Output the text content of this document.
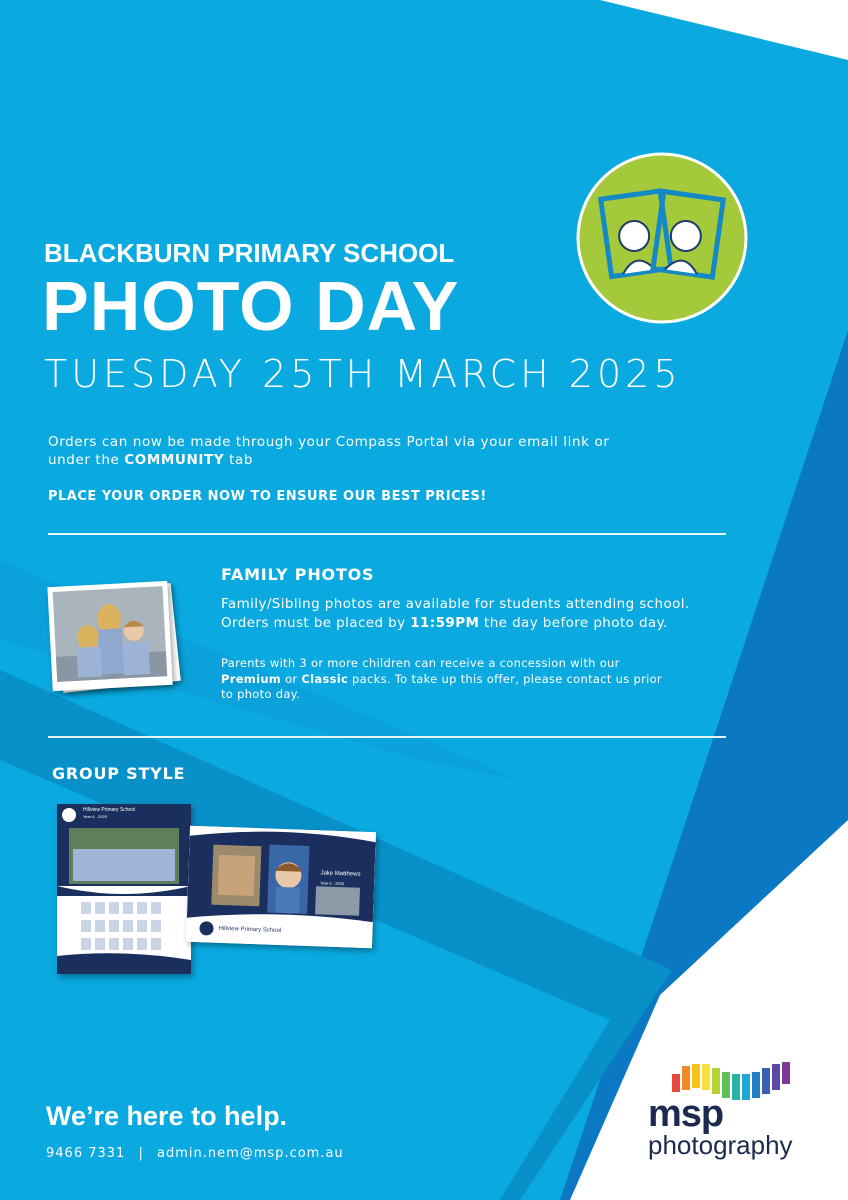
BLACKBURN PRIMARY SCHOOL
PHOTO DAY
TUESDAY 25TH MARCH 2025
Orders can now be made through your Compass Portal via your email link or
under the COMMUNITY tab
PLACE YOUR ORDER NOW TO ENSURE OUR BEST PRICES!
FAMILY PHOTOS
Family/Sibling photos are available for students attending school.
Orders must be placed by 11:59PM the day before photo day.
Parents with 3 or more children can receive a concession with our
Premium or Classic packs. To take up this offer, please contact us prior
to photo day.
GROUP STYLE
Hillview Primary School
Year 6 - 2025
Jake Matthews
Year 6 - 2025
Hillview Primary School
We’re here to help.
9466 7331 | admin.nem@msp.com.au
msp
photography
